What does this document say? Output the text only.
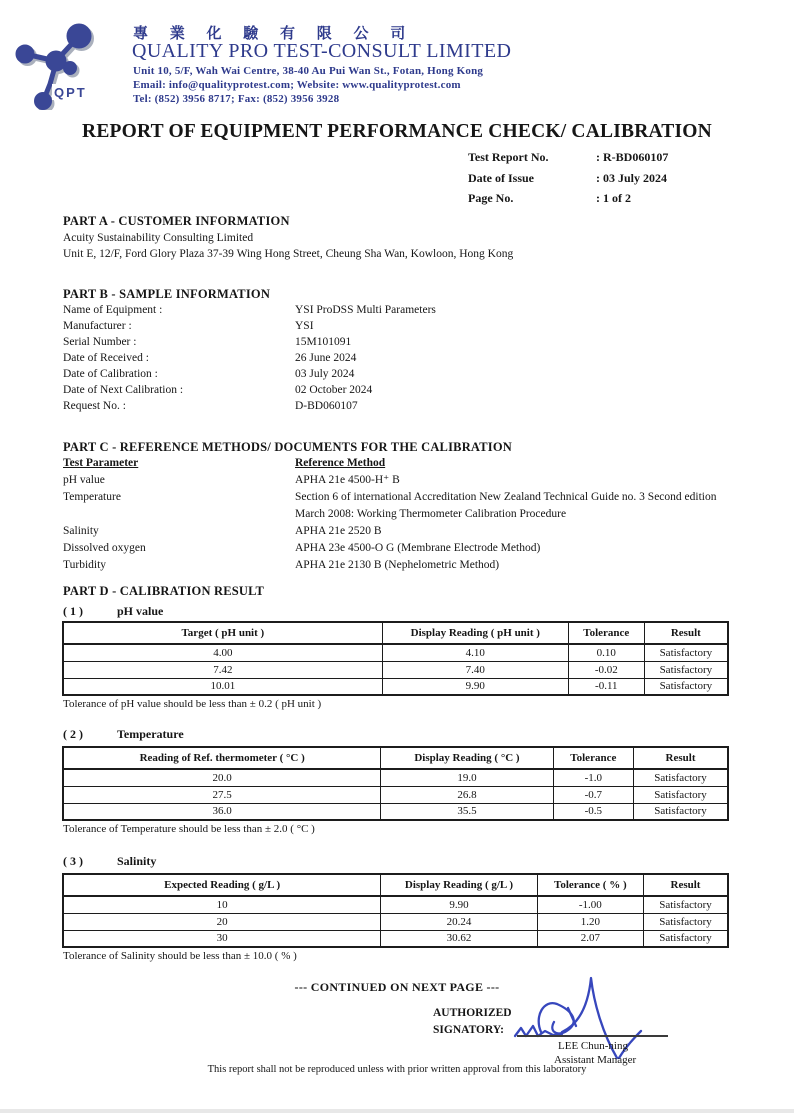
QPT
專 業 化 驗 有 限 公 司
QUALITY PRO TEST-CONSULT LIMITED
Unit 10, 5/F, Wah Wai Centre, 38-40 Au Pui Wan St., Fotan, Hong Kong
Email: info@qualityprotest.com; Website: www.qualityprotest.com
Tel: (852) 3956 8717; Fax: (852) 3956 3928
REPORT OF EQUIPMENT PERFORMANCE CHECK/ CALIBRATION
Test Report No.	: R-BD060107
Date of Issue	: 03 July 2024
Page No.	: 1 of 2
PART A - CUSTOMER INFORMATION
Acuity Sustainability Consulting Limited
Unit E, 12/F, Ford Glory Plaza 37-39 Wing Hong Street, Cheung Sha Wan, Kowloon, Hong Kong
PART B - SAMPLE INFORMATION
Name of Equipment :	YSI ProDSS Multi Parameters
Manufacturer :	YSI
Serial Number :	15M101091
Date of Received :	26 June 2024
Date of Calibration :	03 July 2024
Date of Next Calibration :	02 October 2024
Request No. :	D-BD060107
PART C - REFERENCE METHODS/ DOCUMENTS FOR THE CALIBRATION
Test Parameter	Reference Method
pH value	APHA 21e 4500-H⁺ B
Temperature	Section 6 of international Accreditation New Zealand Technical Guide no. 3 Second edition March 2008: Working Thermometer Calibration Procedure
Salinity	APHA 21e 2520 B
Dissolved oxygen	APHA 23e 4500-O G (Membrane Electrode Method)
Turbidity	APHA 21e 2130 B (Nephelometric Method)
PART D - CALIBRATION RESULT
( 1 )	pH value
Target ( pH unit )	Display Reading ( pH unit )	Tolerance	Result
4.00	4.10	0.10	Satisfactory
7.42	7.40	-0.02	Satisfactory
10.01	9.90	-0.11	Satisfactory
Tolerance of pH value should be less than ± 0.2 ( pH unit )
( 2 )	Temperature
Reading of Ref. thermometer ( °C )	Display Reading ( °C )	Tolerance	Result
20.0	19.0	-1.0	Satisfactory
27.5	26.8	-0.7	Satisfactory
36.0	35.5	-0.5	Satisfactory
Tolerance of Temperature should be less than ± 2.0 ( °C )
( 3 )	Salinity
Expected Reading ( g/L )	Display Reading ( g/L )	Tolerance ( % )	Result
10	9.90	-1.00	Satisfactory
20	20.24	1.20	Satisfactory
30	30.62	2.07	Satisfactory
Tolerance of Salinity should be less than ± 10.0 ( % )
--- CONTINUED ON NEXT PAGE ---
AUTHORIZED
SIGNATORY:
LEE Chun-ning
Assistant Manager
This report shall not be reproduced unless with prior written approval from this laboratory
